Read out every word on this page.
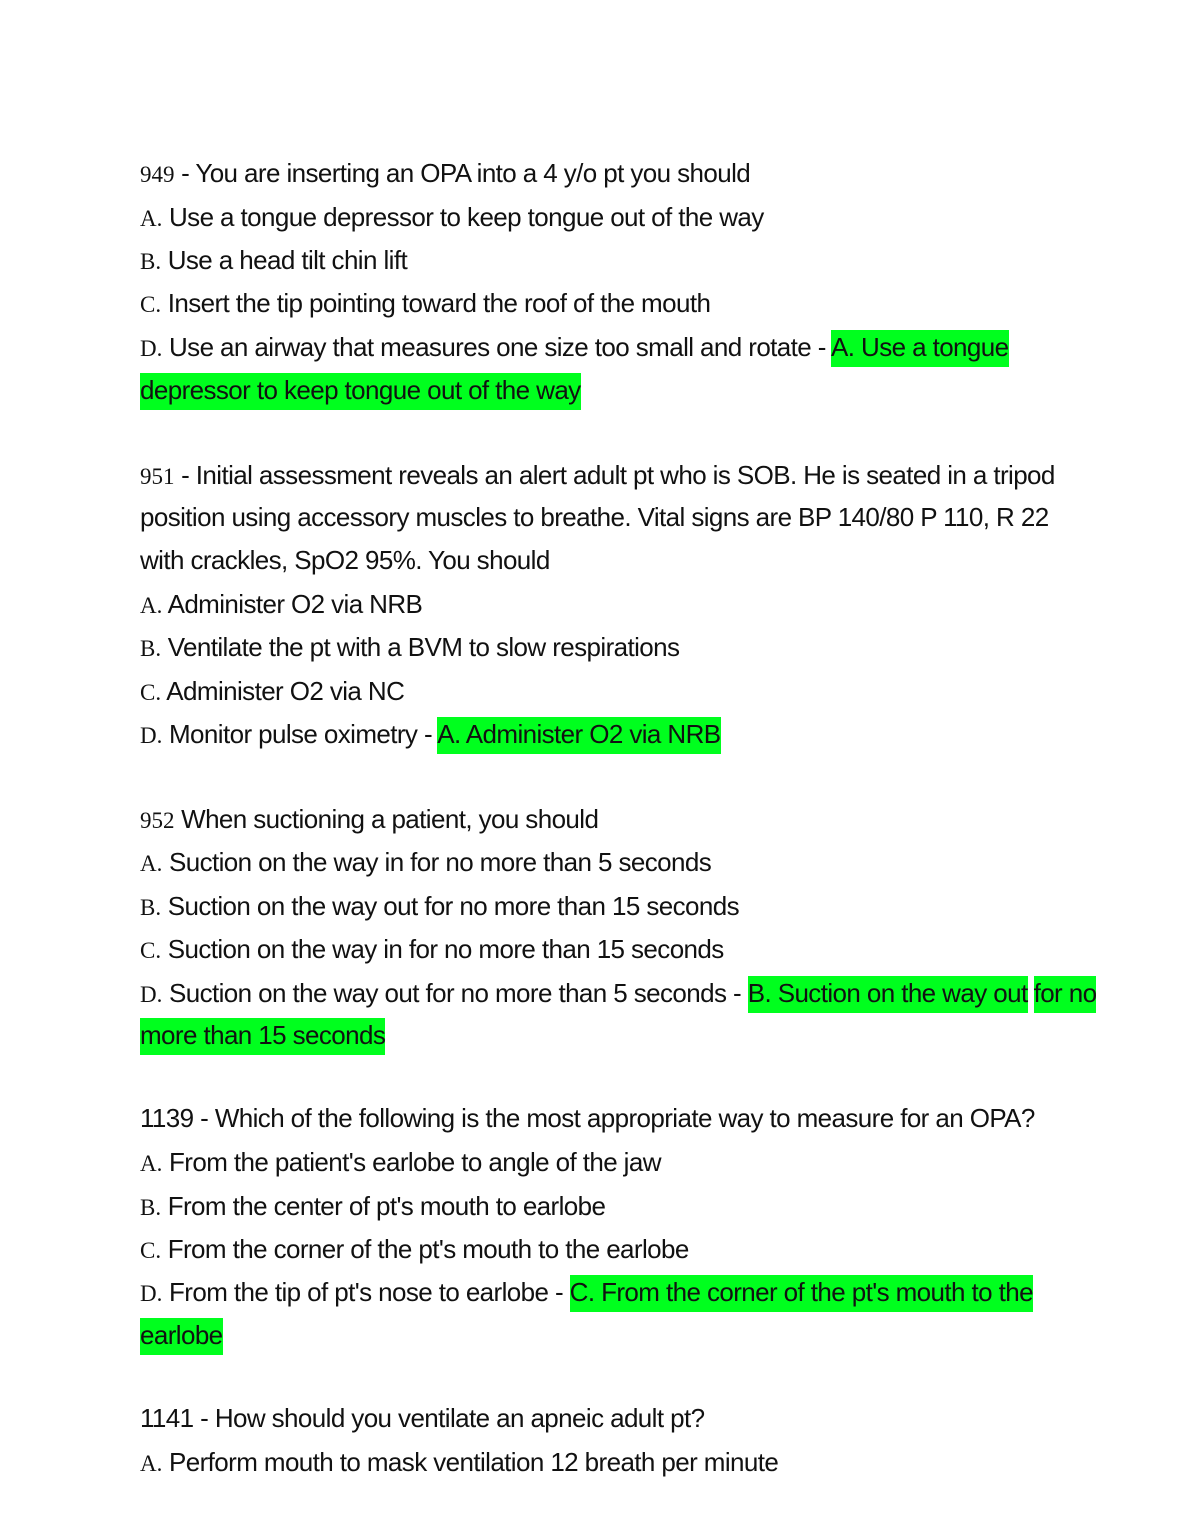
949 - You are inserting an OPA into a 4 y/o pt you should
A. Use a tongue depressor to keep tongue out of the way
B. Use a head tilt chin lift
C. Insert the tip pointing toward the roof of the mouth
D. Use an airway that measures one size too small and rotate - A. Use a tongue
depressor to keep tongue out of the way
951 - Initial assessment reveals an alert adult pt who is SOB. He is seated in a tripod
position using accessory muscles to breathe. Vital signs are BP 140/80 P 110, R 22
with crackles, SpO2 95%. You should
A. Administer O2 via NRB
B. Ventilate the pt with a BVM to slow respirations
C. Administer O2 via NC
D. Monitor pulse oximetry - A. Administer O2 via NRB
952 When suctioning a patient, you should
A. Suction on the way in for no more than 5 seconds
B. Suction on the way out for no more than 15 seconds
C. Suction on the way in for no more than 15 seconds
D. Suction on the way out for no more than 5 seconds - B. Suction on the way out for no
more than 15 seconds
1139 - Which of the following is the most appropriate way to measure for an OPA?
A. From the patient's earlobe to angle of the jaw
B. From the center of pt's mouth to earlobe
C. From the corner of the pt's mouth to the earlobe
D. From the tip of pt's nose to earlobe - C. From the corner of the pt's mouth to the
earlobe
1141 - How should you ventilate an apneic adult pt?
A. Perform mouth to mask ventilation 12 breath per minute
